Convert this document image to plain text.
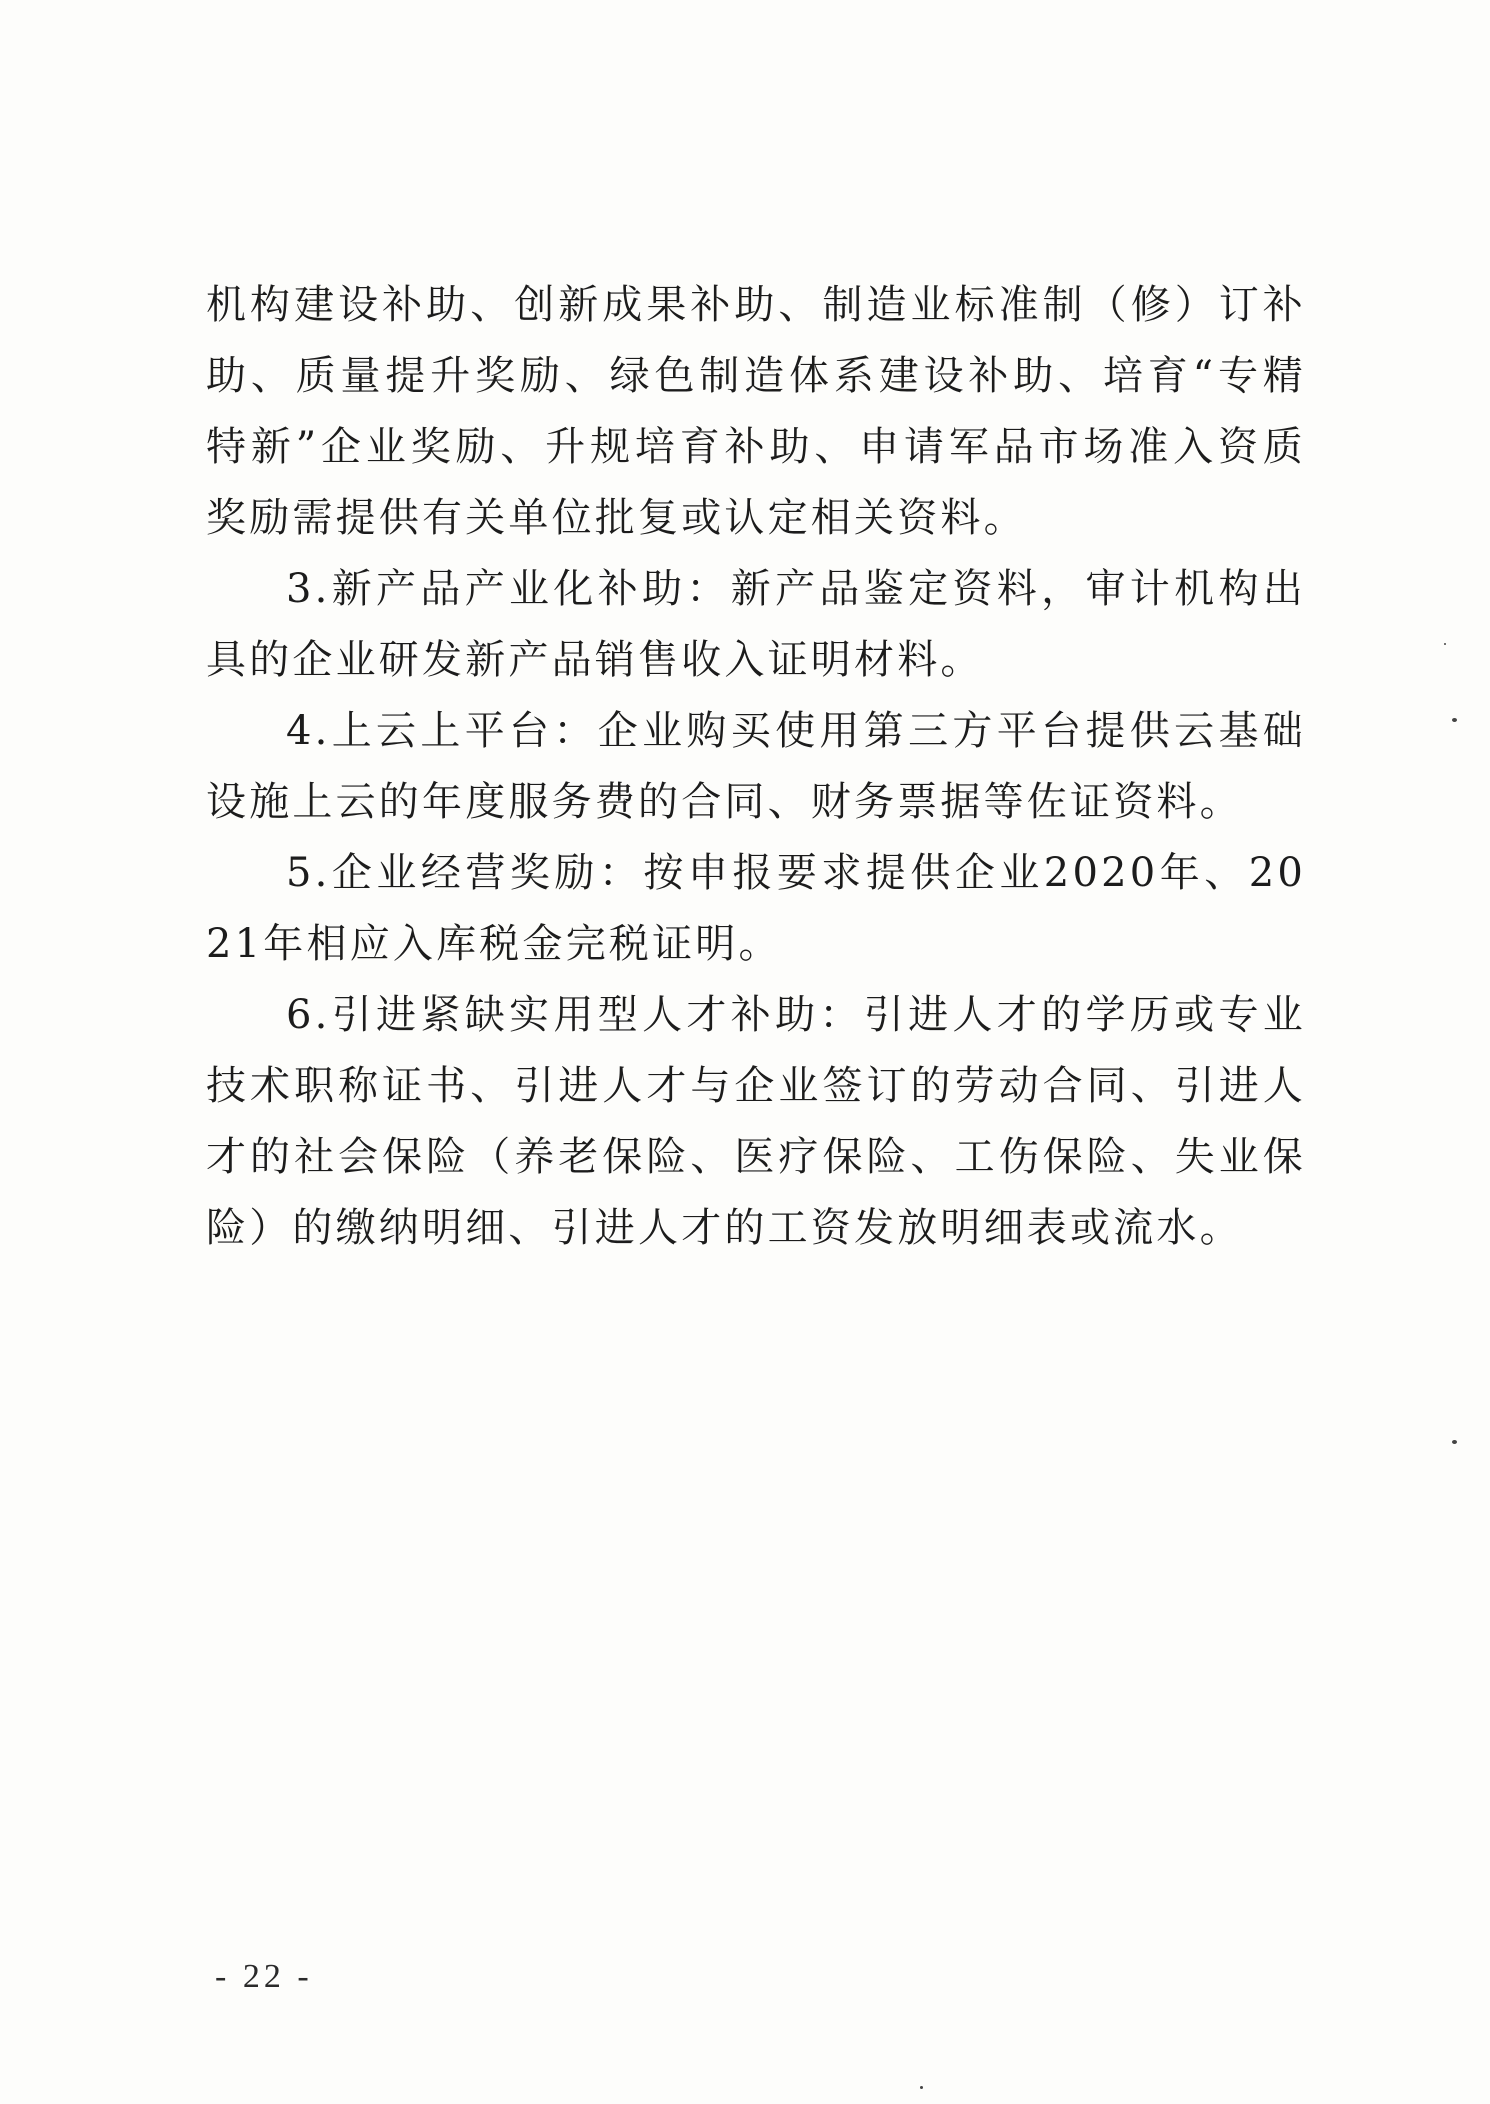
机构建设补助、创新成果补助、制造业标准制（修）订补助、质量提升奖励、绿色制造体系建设补助、培育“专精特新”企业奖励、升规培育补助、申请军品市场准入资质奖励需提供有关单位批复或认定相关资料。

3.新产品产业化补助：新产品鉴定资料，审计机构出具的企业研发新产品销售收入证明材料。

4.上云上平台：企业购买使用第三方平台提供云基础设施上云的年度服务费的合同、财务票据等佐证资料。

5.企业经营奖励：按申报要求提供企业2020年、2021年相应入库税金完税证明。

6.引进紧缺实用型人才补助：引进人才的学历或专业技术职称证书、引进人才与企业签订的劳动合同、引进人才的社会保险（养老保险、医疗保险、工伤保险、失业保险）的缴纳明细、引进人才的工资发放明细表或流水。

- 22 -
